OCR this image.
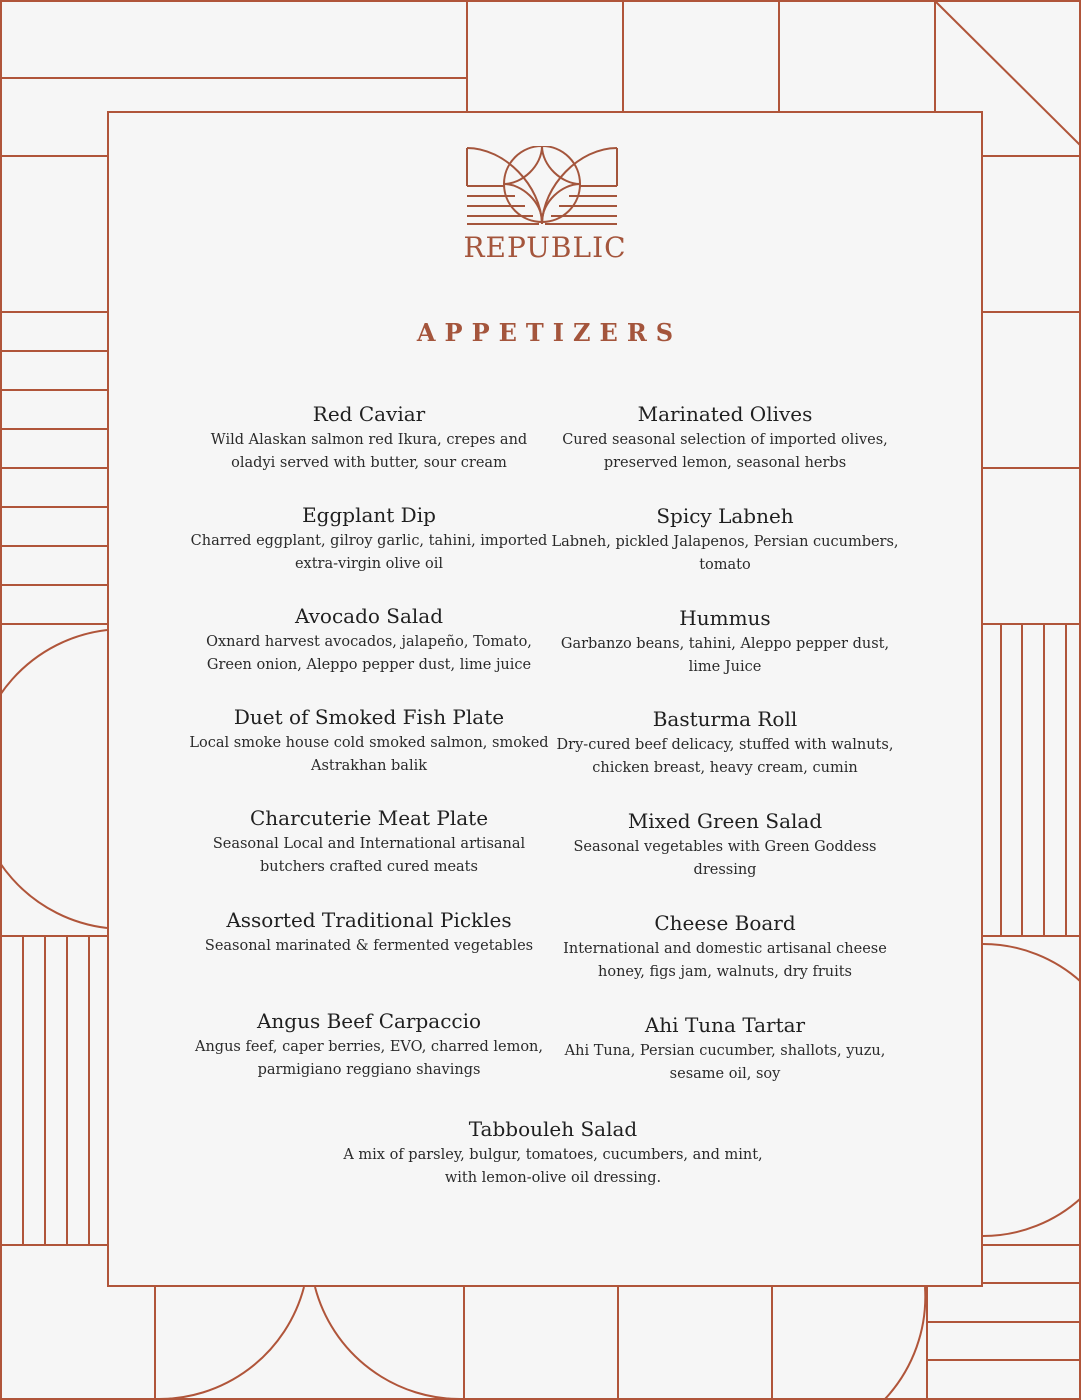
REPUBLIC
APPETIZERS
Red Caviar
Wild Alaskan salmon red Ikura, crepes and oladyi served with butter, sour cream
Eggplant Dip
Charred eggplant, gilroy garlic, tahini, imported extra-virgin olive oil
Avocado Salad
Oxnard harvest avocados, jalapeño, Tomato, Green onion, Aleppo pepper dust, lime juice
Duet of Smoked Fish Plate
Local smoke house cold smoked salmon, smoked Astrakhan balik
Charcuterie Meat Plate
Seasonal Local and International artisanal butchers crafted cured meats
Assorted Traditional Pickles
Seasonal marinated & fermented vegetables
Angus Beef Carpaccio
Angus feef, caper berries, EVO, charred lemon, parmigiano reggiano shavings
Marinated Olives
Cured seasonal selection of imported olives, preserved lemon, seasonal herbs
Spicy Labneh
Labneh, pickled Jalapenos, Persian cucumbers, tomato
Hummus
Garbanzo beans, tahini, Aleppo pepper dust, lime Juice
Basturma Roll
Dry-cured beef delicacy, stuffed with walnuts, chicken breast, heavy cream, cumin
Mixed Green Salad
Seasonal vegetables with Green Goddess dressing
Cheese Board
International and domestic artisanal cheese honey, figs jam, walnuts, dry fruits
Ahi Tuna Tartar
Ahi Tuna, Persian cucumber, shallots, yuzu, sesame oil, soy
Tabbouleh Salad
A mix of parsley, bulgur, tomatoes, cucumbers, and mint, with lemon-olive oil dressing.
